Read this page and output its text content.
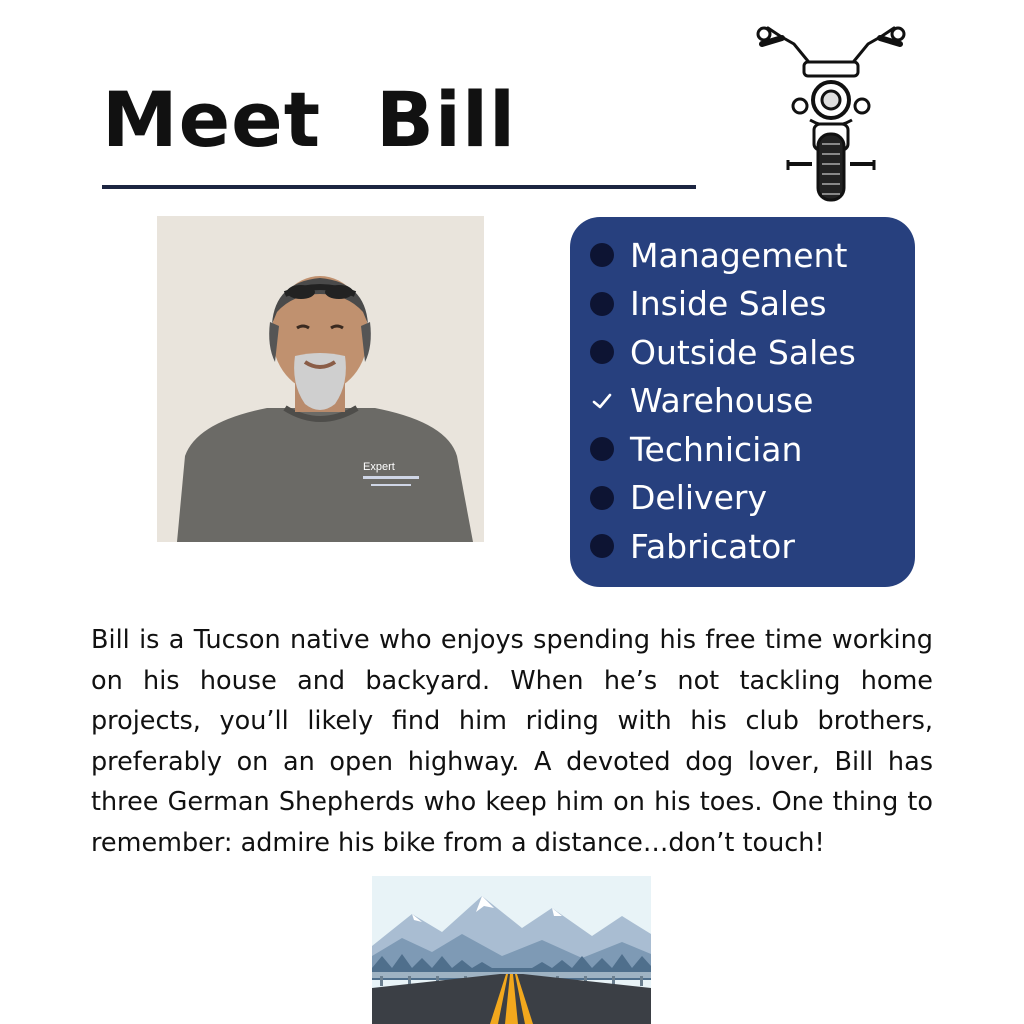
Meet  Bill
Expert
Management
Inside Sales
Outside Sales
Warehouse
Technician
Delivery
Fabricator

Bill is a Tucson native who enjoys spending his free time working on his house and backyard. When he’s not tackling home projects, you’ll likely find him riding with his club brothers, preferably on an open highway. A devoted dog lover, Bill has three German Shepherds who keep him on his toes. One thing to remember: admire his bike from a distance…don’t touch!
